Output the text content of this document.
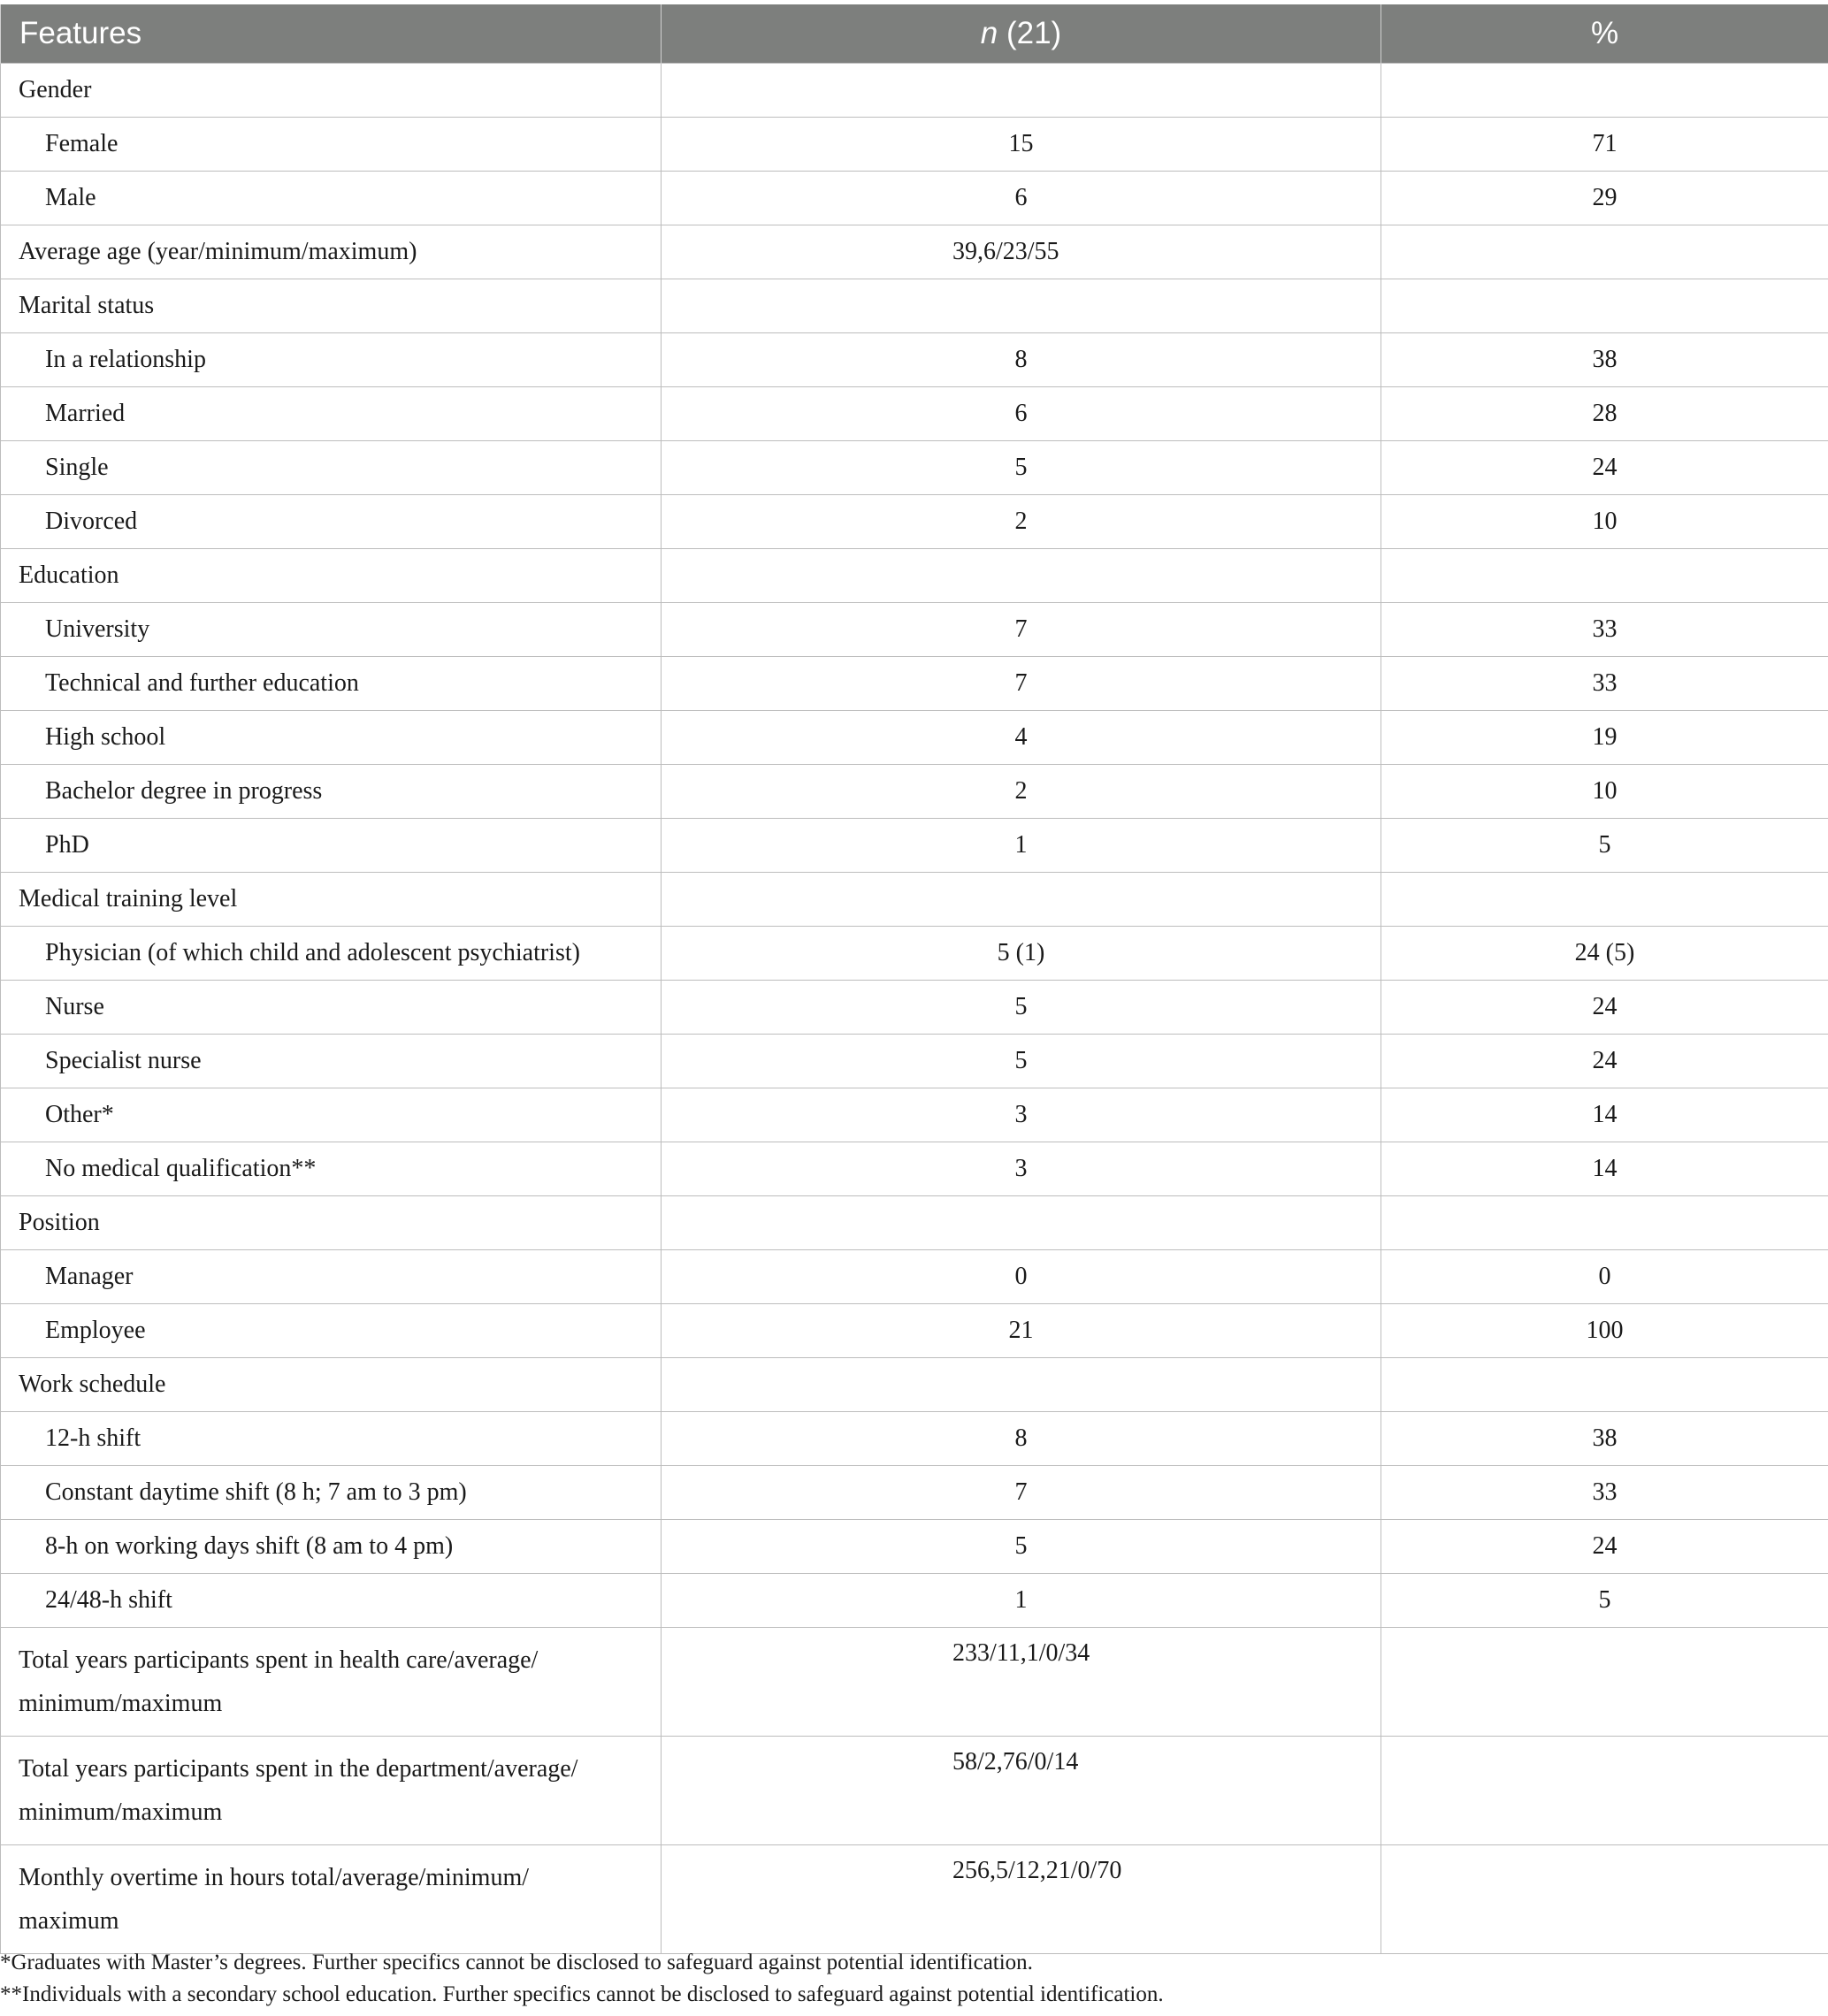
Features	n (21)	%
Gender		
Female	15	71
Male	6	29
Average age (year/minimum/maximum)	39,6/23/55	
Marital status		
In a relationship	8	38
Married	6	28
Single	5	24
Divorced	2	10
Education		
University	7	33
Technical and further education	7	33
High school	4	19
Bachelor degree in progress	2	10
PhD	1	5
Medical training level		
Physician (of which child and adolescent psychiatrist)	5 (1)	24 (5)
Nurse	5	24
Specialist nurse	5	24
Other*	3	14
No medical qualification**	3	14
Position		
Manager	0	0
Employee	21	100
Work schedule		
12-h shift	8	38
Constant daytime shift (8 h; 7 am to 3 pm)	7	33
8-h on working days shift (8 am to 4 pm)	5	24
24/48-h shift	1	5

Total years participants spent in health care/average/
minimum/maximum	233/11,1/0/34	

Total years participants spent in the department/average/
minimum/maximum	58/2,76/0/14	

Monthly overtime in hours total/average/minimum/
maximum	256,5/12,21/0/70	
*Graduates with Master’s degrees. Further specifics cannot be disclosed to safeguard against potential identification.
**Individuals with a secondary school education. Further specifics cannot be disclosed to safeguard against potential identification.
